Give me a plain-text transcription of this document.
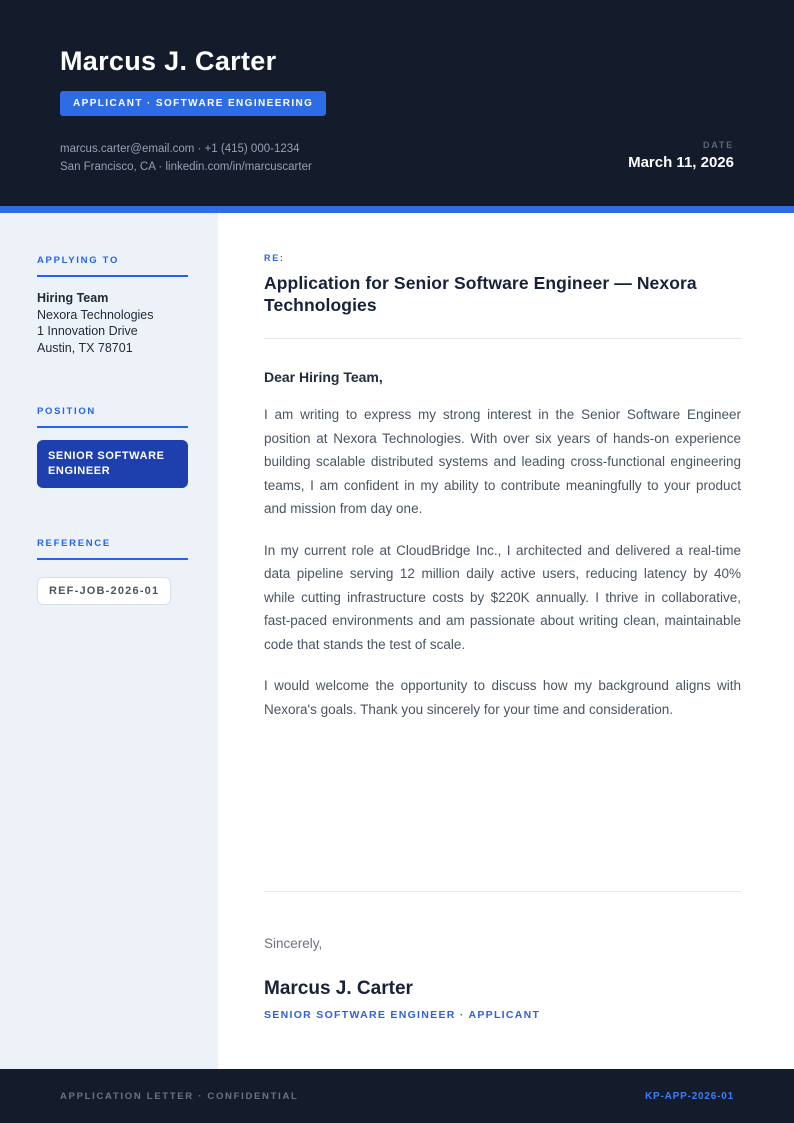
Marcus J. Carter
APPLICANT · SOFTWARE ENGINEERING
marcus.carter@email.com · +1 (415) 000-1234
San Francisco, CA · linkedin.com/in/marcuscarter
DATE
March 11, 2026
APPLYING TO
Hiring Team
Nexora Technologies
1 Innovation Drive
Austin, TX 78701
POSITION
SENIOR SOFTWARE ENGINEER
REFERENCE
REF-JOB-2026-01
RE:
Application for Senior Software Engineer — Nexora Technologies
Dear Hiring Team,

I am writing to express my strong interest in the Senior Software Engineer position at Nexora Technologies. With over six years of hands-on experience building scalable distributed systems and leading cross-functional engineering teams, I am confident in my ability to contribute meaningfully to your product and mission from day one.

In my current role at CloudBridge Inc., I architected and delivered a real-time data pipeline serving 12 million daily active users, reducing latency by 40% while cutting infrastructure costs by $220K annually. I thrive in collaborative, fast-paced environments and am passionate about writing clean, maintainable code that stands the test of scale.

I would welcome the opportunity to discuss how my background aligns with Nexora's goals. Thank you sincerely for your time and consideration.

Sincerely,
Marcus J. Carter
SENIOR SOFTWARE ENGINEER · APPLICANT
APPLICATION LETTER · CONFIDENTIAL	KP-APP-2026-01
